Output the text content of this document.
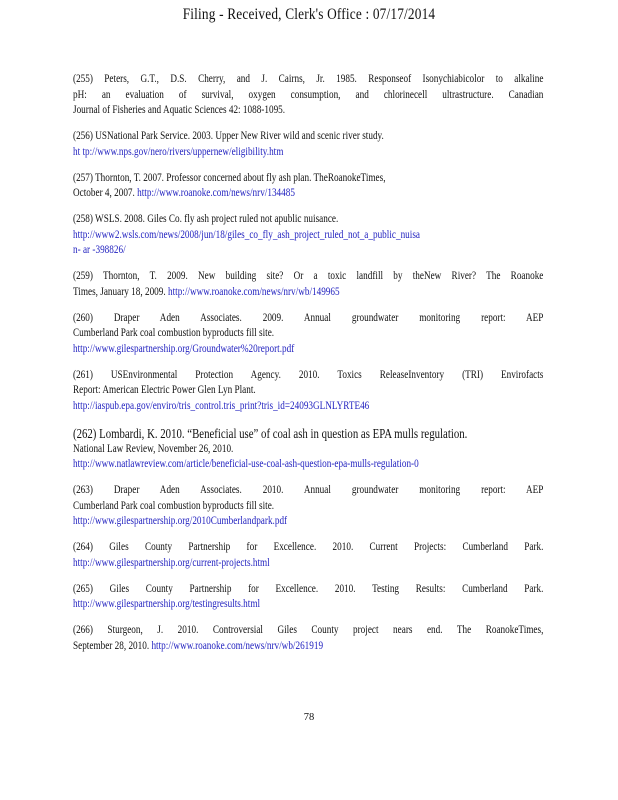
Filing - Received, Clerk's Office : 07/17/2014
(255) Peters, G.T., D.S. Cherry, and J. Cairns, Jr. 1985. Responseof Isonychiabicolor to alkaline
pH: an evaluation of survival, oxygen consumption, and chlorinecell ultrastructure. Canadian
Journal of Fisheries and Aquatic Sciences 42: 1088-1095.
(256) USNational Park Service. 2003. Upper New River wild and scenic river study.
ht tp://www.nps.gov/nero/rivers/uppernew/eligibility.htm
(257) Thornton, T. 2007. Professor concerned about fly ash plan. TheRoanokeTimes,
October 4, 2007. http://www.roanoke.com/news/nrv/134485
(258) WSLS. 2008. Giles Co. fly ash project ruled not apublic nuisance.
http://www2.wsls.com/news/2008/jun/18/giles_co_fly_ash_project_ruled_not_a_public_nuisa
n- ar -398826/
(259) Thornton, T. 2009. New building site? Or a toxic landfill by theNew River? The Roanoke
Times, January 18, 2009. http://www.roanoke.com/news/nrv/wb/149965
(260) Draper Aden Associates. 2009. Annual groundwater monitoring report: AEP
Cumberland Park coal combustion byproducts fill site.
http://www.gilespartnership.org/Groundwater%20report.pdf
(261) USEnvironmental Protection Agency. 2010. Toxics ReleaseInventory (TRI) Envirofacts
Report: American Electric Power Glen Lyn Plant.
http://iaspub.epa.gov/enviro/tris_control.tris_print?tris_id=24093GLNLYRTE46
(262) Lombardi, K. 2010. “Beneficial use” of coal ash in question as EPA mulls regulation.
National Law Review, November 26, 2010.
http://www.natlawreview.com/article/beneficial-use-coal-ash-question-epa-mulls-regulation-0
(263) Draper Aden Associates. 2010. Annual groundwater monitoring report: AEP
Cumberland Park coal combustion byproducts fill site.
http://www.gilespartnership.org/2010Cumberlandpark.pdf
(264) Giles County Partnership for Excellence. 2010. Current Projects: Cumberland Park.
http://www.gilespartnership.org/current-projects.html
(265) Giles County Partnership for Excellence. 2010. Testing Results: Cumberland Park.
http://www.gilespartnership.org/testingresults.html
(266) Sturgeon, J. 2010. Controversial Giles County project nears end. The RoanokeTimes,
September 28, 2010. http://www.roanoke.com/news/nrv/wb/261919
78
